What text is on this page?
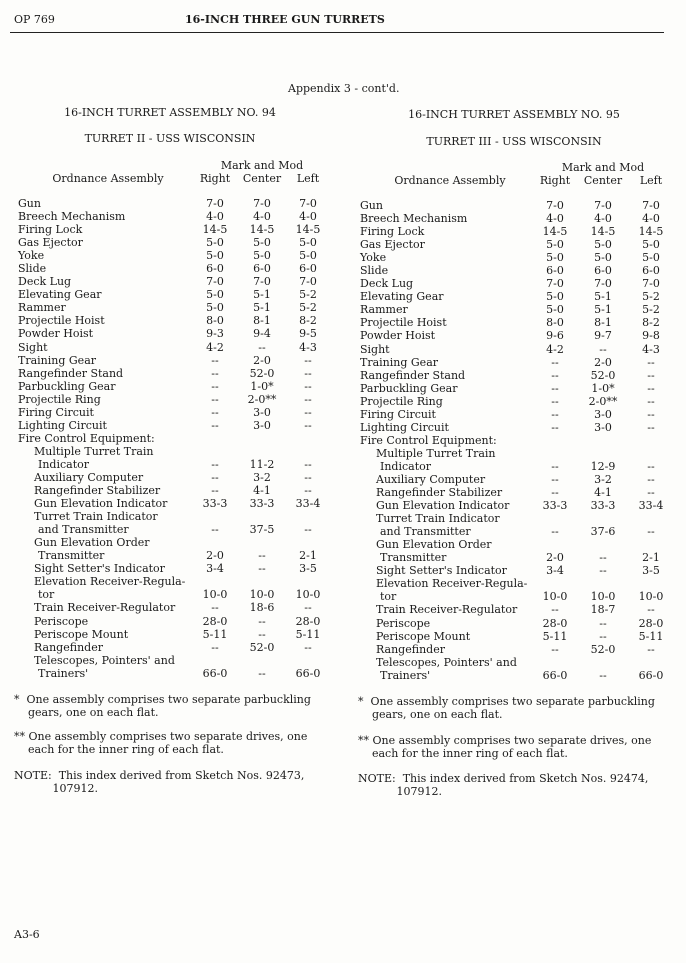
OP 769	16-INCH THREE GUN TURRETS
Appendix 3 - cont'd.
16-INCH TURRET ASSEMBLY NO. 94
TURRET II - USS WISCONSIN
Mark and Mod
Ordnance Assembly	Right	Center	Left
Gun	7-0	7-0	7-0
Breech Mechanism	4-0	4-0	4-0
Firing Lock	14-5	14-5	14-5
Gas Ejector	5-0	5-0	5-0
Yoke	5-0	5-0	5-0
Slide	6-0	6-0	6-0
Deck Lug	7-0	7-0	7-0
Elevating Gear	5-0	5-1	5-2
Rammer	5-0	5-1	5-2
Projectile Hoist	8-0	8-1	8-2
Powder Hoist	9-3	9-4	9-5
Sight	4-2	--	4-3
Training Gear	--	2-0	--
Rangefinder Stand	--	52-0	--
Parbuckling Gear	--	1-0*	--
Projectile Ring	--	2-0**	--
Firing Circuit	--	3-0	--
Lighting Circuit	--	3-0	--
Fire Control Equipment:
Multiple Turret Train
Indicator	--	11-2	--
Auxiliary Computer	--	3-2	--
Rangefinder Stabilizer	--	4-1	--
Gun Elevation Indicator	33-3	33-3	33-4
Turret Train Indicator
and Transmitter	--	37-5	--
Gun Elevation Order
Transmitter	2-0	--	2-1
Sight Setter's Indicator	3-4	--	3-5
Elevation Receiver-Regula-
tor	10-0	10-0	10-0
Train Receiver-Regulator	--	18-6	--
Periscope	28-0	--	28-0
Periscope Mount	5-11	--	5-11
Rangefinder	--	52-0	--
Telescopes, Pointers' and
Trainers'	66-0	--	66-0
*  One assembly comprises two separate parbuckling
gears, one on each flat.
** One assembly comprises two separate drives, one
each for the inner ring of each flat.
NOTE:  This index derived from Sketch Nos. 92473,
107912.
16-INCH TURRET ASSEMBLY NO. 95
TURRET III - USS WISCONSIN
Mark and Mod
Ordnance Assembly	Right	Center	Left
Gun	7-0	7-0	7-0
Breech Mechanism	4-0	4-0	4-0
Firing Lock	14-5	14-5	14-5
Gas Ejector	5-0	5-0	5-0
Yoke	5-0	5-0	5-0
Slide	6-0	6-0	6-0
Deck Lug	7-0	7-0	7-0
Elevating Gear	5-0	5-1	5-2
Rammer	5-0	5-1	5-2
Projectile Hoist	8-0	8-1	8-2
Powder Hoist	9-6	9-7	9-8
Sight	4-2	--	4-3
Training Gear	--	2-0	--
Rangefinder Stand	--	52-0	--
Parbuckling Gear	--	1-0*	--
Projectile Ring	--	2-0**	--
Firing Circuit	--	3-0	--
Lighting Circuit	--	3-0	--
Fire Control Equipment:
Multiple Turret Train
Indicator	--	12-9	--
Auxiliary Computer	--	3-2	--
Rangefinder Stabilizer	--	4-1	--
Gun Elevation Indicator	33-3	33-3	33-4
Turret Train Indicator
and Transmitter	--	37-6	--
Gun Elevation Order
Transmitter	2-0	--	2-1
Sight Setter's Indicator	3-4	--	3-5
Elevation Receiver-Regula-
tor	10-0	10-0	10-0
Train Receiver-Regulator	--	18-7	--
Periscope	28-0	--	28-0
Periscope Mount	5-11	--	5-11
Rangefinder	--	52-0	--
Telescopes, Pointers' and
Trainers'	66-0	--	66-0
*  One assembly comprises two separate parbuckling
gears, one on each flat.
** One assembly comprises two separate drives, one
each for the inner ring of each flat.
NOTE:  This index derived from Sketch Nos. 92474,
107912.
A3-6
